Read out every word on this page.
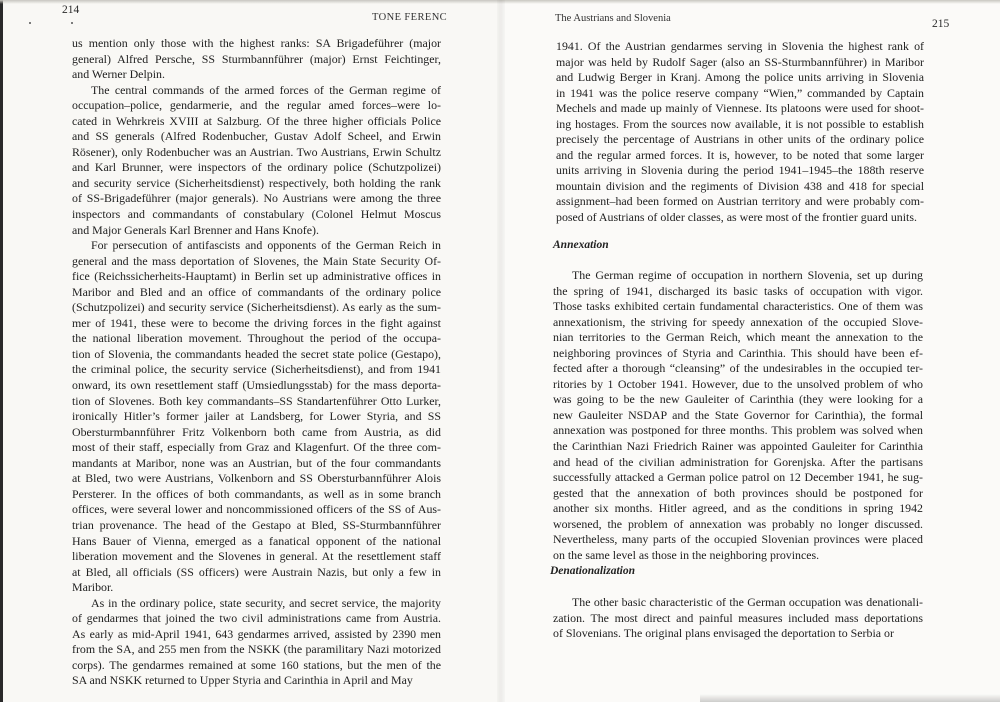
214
TONE FERENC
us mention only those with the highest ranks: SA Brigadeführer (major
general) Alfred Persche, SS Sturmbannführer (major) Ernst Feichtinger,
and Werner Delpin.
The central commands of the armed forces of the German regime of
occupation–police, gendarmerie, and the regular amed forces–were lo-
cated in Wehrkreis XVIII at Salzburg. Of the three higher officials Police
and SS generals (Alfred Rodenbucher, Gustav Adolf Scheel, and Erwin
Rösener), only Rodenbucher was an Austrian. Two Austrians, Erwin Schultz
and Karl Brunner, were inspectors of the ordinary police (Schutzpolizei)
and security service (Sicherheitsdienst) respectively, both holding the rank
of SS-Brigadeführer (major generals). No Austrians were among the three
inspectors and commandants of constabulary (Colonel Helmut Moscus
and Major Generals Karl Brenner and Hans Knofe).
For persecution of antifascists and opponents of the German Reich in
general and the mass deportation of Slovenes, the Main State Security Of-
fice (Reichssicherheits-Hauptamt) in Berlin set up administrative offices in
Maribor and Bled and an office of commandants of the ordinary police
(Schutzpolizei) and security service (Sicherheitsdienst). As early as the sum-
mer of 1941, these were to become the driving forces in the fight against
the national liberation movement. Throughout the period of the occupa-
tion of Slovenia, the commandants headed the secret state police (Gestapo),
the criminal police, the security service (Sicherheitsdienst), and from 1941
onward, its own resettlement staff (Umsiedlungsstab) for the mass deporta-
tion of Slovenes. Both key commandants–SS Standartenführer Otto Lurker,
ironically Hitler’s former jailer at Landsberg, for Lower Styria, and SS
Obersturmbannführer Fritz Volkenborn both came from Austria, as did
most of their staff, especially from Graz and Klagenfurt. Of the three com-
mandants at Maribor, none was an Austrian, but of the four commandants
at Bled, two were Austrians, Volkenborn and SS Obersturbannführer Alois
Persterer. In the offices of both commandants, as well as in some branch
offices, were several lower and noncommissioned officers of the SS of Aus-
trian provenance. The head of the Gestapo at Bled, SS-Sturmbannführer
Hans Bauer of Vienna, emerged as a fanatical opponent of the national
liberation movement and the Slovenes in general. At the resettlement staff
at Bled, all officials (SS officers) were Austrain Nazis, but only a few in
Maribor.
As in the ordinary police, state security, and secret service, the majority
of gendarmes that joined the two civil administrations came from Austria.
As early as mid-April 1941, 643 gendarmes arrived, assisted by 2390 men
from the SA, and 255 men from the NSKK (the paramilitary Nazi motorized
corps). The gendarmes remained at some 160 stations, but the men of the
SA and NSKK returned to Upper Styria and Carinthia in April and May
The Austrians and Slovenia	215
1941. Of the Austrian gendarmes serving in Slovenia the highest rank of
major was held by Rudolf Sager (also an SS-Sturmbannführer) in Maribor
and Ludwig Berger in Kranj. Among the police units arriving in Slovenia
in 1941 was the police reserve company “Wien,” commanded by Captain
Mechels and made up mainly of Viennese. Its platoons were used for shoot-
ing hostages. From the sources now available, it is not possible to establish
precisely the percentage of Austrians in other units of the ordinary police
and the regular armed forces. It is, however, to be noted that some larger
units arriving in Slovenia during the period 1941–1945–the 188th reserve
mountain division and the regiments of Division 438 and 418 for special
assignment–had been formed on Austrian territory and were probably com-
posed of Austrians of older classes, as were most of the frontier guard units.
Annexation
The German regime of occupation in northern Slovenia, set up during
the spring of 1941, discharged its basic tasks of occupation with vigor.
Those tasks exhibited certain fundamental characteristics. One of them was
annexationism, the striving for speedy annexation of the occupied Slove-
nian territories to the German Reich, which meant the annexation to the
neighboring provinces of Styria and Carinthia. This should have been ef-
fected after a thorough “cleansing” of the undesirables in the occupied ter-
ritories by 1 October 1941. However, due to the unsolved problem of who
was going to be the new Gauleiter of Carinthia (they were looking for a
new Gauleiter NSDAP and the State Governor for Carinthia), the formal
annexation was postponed for three months. This problem was solved when
the Carinthian Nazi Friedrich Rainer was appointed Gauleiter for Carinthia
and head of the civilian administration for Gorenjska. After the partisans
successfully attacked a German police patrol on 12 December 1941, he sug-
gested that the annexation of both provinces should be postponed for
another six months. Hitler agreed, and as the conditions in spring 1942
worsened, the problem of annexation was probably no longer discussed.
Nevertheless, many parts of the occupied Slovenian provinces were placed
on the same level as those in the neighboring provinces.
Denationalization
The other basic characteristic of the German occupation was denationali-
zation. The most direct and painful measures included mass deportations
of Slovenians. The original plans envisaged the deportation to Serbia or
